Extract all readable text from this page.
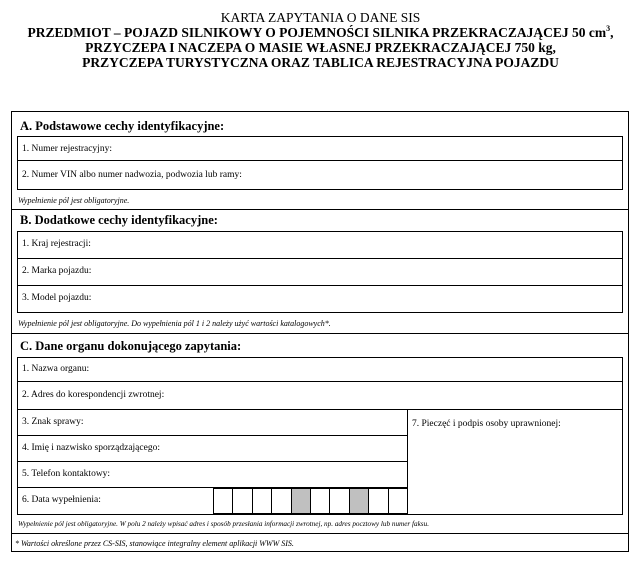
KARTA ZAPYTANIA O DANE SIS
PRZEDMIOT – POJAZD SILNIKOWY O POJEMNOŚCI SILNIKA PRZEKRACZAJĄCEJ 50 $cm^3$,
PRZYCZEPA I NACZEPA O MASIE WŁASNEJ PRZEKRACZAJĄCEJ 750 kg,
PRZYCZEPA TURYSTYCZNA ORAZ TABLICA REJESTRACYJNA POJAZDU
A. Podstawowe cechy identyfikacyjne:
1. Numer rejestracyjny:
2. Numer VIN albo numer nadwozia, podwozia lub ramy:
Wypełnienie pól jest obligatoryjne.
B. Dodatkowe cechy identyfikacyjne:
1. Kraj rejestracji:
2. Marka pojazdu:
3. Model pojazdu:
Wypełnienie pól jest obligatoryjne. Do wypełnienia pól 1 i 2 należy użyć wartości katalogowych*.
C. Dane organu dokonującego zapytania:
1. Nazwa organu:
2. Adres do korespondencji zwrotnej:
3. Znak sprawy:
4. Imię i nazwisko sporządzającego:
5. Telefon kontaktowy:
6. Data wypełnienia:
7. Pieczęć i podpis osoby uprawnionej:
Wypełnienie pól jest obligatoryjne. W polu 2 należy wpisać adres i sposób przesłania informacji zwrotnej, np. adres pocztowy lub numer faksu.
* Wartości określone przez CS-SIS, stanowiące integralny element aplikacji WWW SIS.
